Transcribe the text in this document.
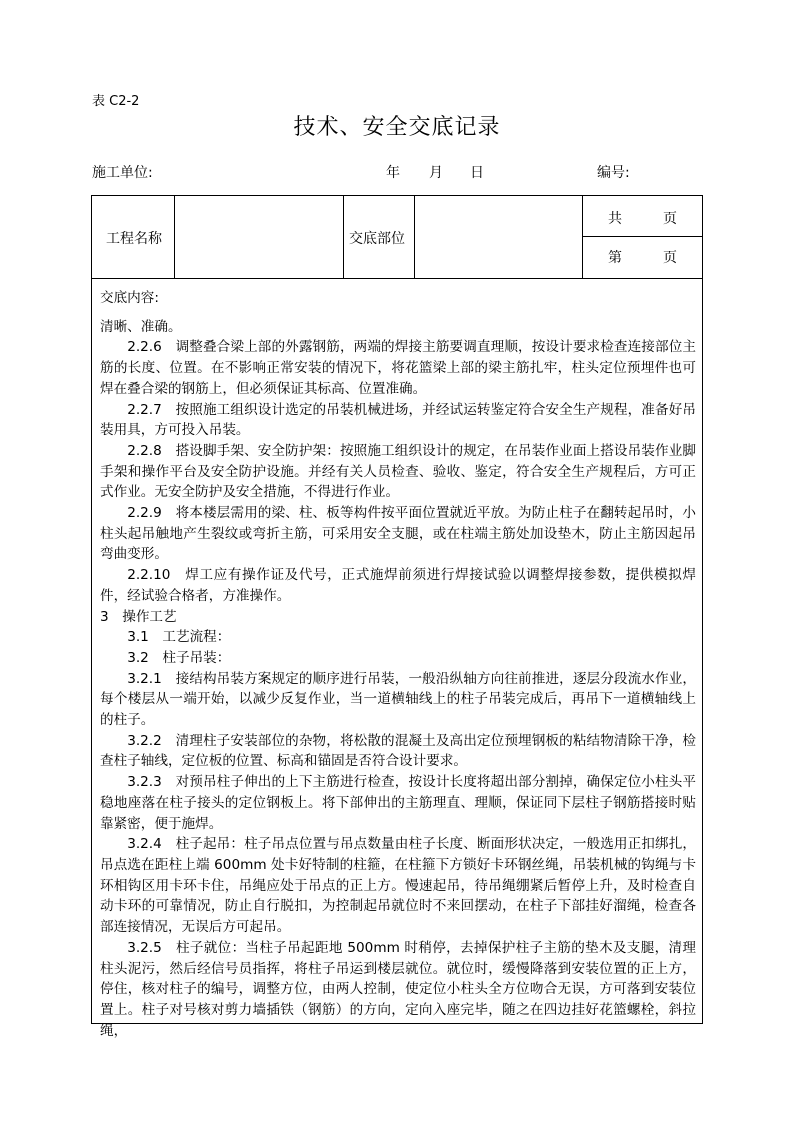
表 C2-2
技术、安全交底记录
施工单位:	年 月 日	编号:
工程名称	交底部位
共	页
第	页

交底内容:

清晰、准确。

2.2.6　调整叠合梁上部的外露钢筋，两端的焊接主筋要调直理顺，按设计要求检查连接部位主筋的长度、位置。在不影响正常安装的情况下，将花篮梁上部的梁主筋扎牢，柱头定位预埋件也可焊在叠合梁的钢筋上，但必须保证其标高、位置准确。

2.2.7　按照施工组织设计选定的吊装机械进场，并经试运转鉴定符合安全生产规程，准备好吊装用具，方可投入吊装。

2.2.8　搭设脚手架、安全防护架：按照施工组织设计的规定，在吊装作业面上搭设吊装作业脚手架和操作平台及安全防护设施。并经有关人员检查、验收、鉴定，符合安全生产规程后，方可正式作业。无安全防护及安全措施，不得进行作业。

2.2.9　将本楼层需用的梁、柱、板等构件按平面位置就近平放。为防止柱子在翻转起吊时，小柱头起吊触地产生裂纹或弯折主筋，可采用安全支腿，或在柱端主筋处加设垫木，防止主筋因起吊弯曲变形。

2.2.10　焊工应有操作证及代号，正式施焊前须进行焊接试验以调整焊接参数，提供模拟焊件，经试验合格者，方准操作。

3　操作工艺

3.1　工艺流程：

3.2　柱子吊装：

3.2.1　接结构吊装方案规定的顺序进行吊装，一般沿纵轴方向往前推进，逐层分段流水作业，每个楼层从一端开始，以减少反复作业，当一道横轴线上的柱子吊装完成后，再吊下一道横轴线上的柱子。

3.2.2　清理柱子安装部位的杂物，将松散的混凝土及高出定位预埋钢板的粘结物清除干净，检查柱子轴线，定位板的位置、标高和锚固是否符合设计要求。

3.2.3　对预吊柱子伸出的上下主筋进行检查，按设计长度将超出部分割掉，确保定位小柱头平稳地座落在柱子接头的定位钢板上。将下部伸出的主筋理直、理顺，保证同下层柱子钢筋搭接时贴靠紧密，便于施焊。

3.2.4　柱子起吊：柱子吊点位置与吊点数量由柱子长度、断面形状决定，一般选用正扣绑扎，吊点选在距柱上端 600mm 处卡好特制的柱箍，在柱箍下方锁好卡环钢丝绳，吊装机械的钩绳与卡环相钩区用卡环卡住，吊绳应处于吊点的正上方。慢速起吊，待吊绳绷紧后暂停上升，及时检查自动卡环的可靠情况，防止自行脱扣，为控制起吊就位时不来回摆动，在柱子下部挂好溜绳，检查各部连接情况，无误后方可起吊。

3.2.5　柱子就位：当柱子吊起距地 500mm 时稍停，去掉保护柱子主筋的垫木及支腿，清理柱头泥污，然后经信号员指挥，将柱子吊运到楼层就位。就位时，缓慢降落到安装位置的正上方，停住，核对柱子的编号，调整方位，由两人控制，使定位小柱头全方位吻合无误，方可落到安装位置上。柱子对号核对剪力墙插铁（钢筋）的方向，定向入座完毕，随之在四边挂好花篮螺栓，斜拉绳，
